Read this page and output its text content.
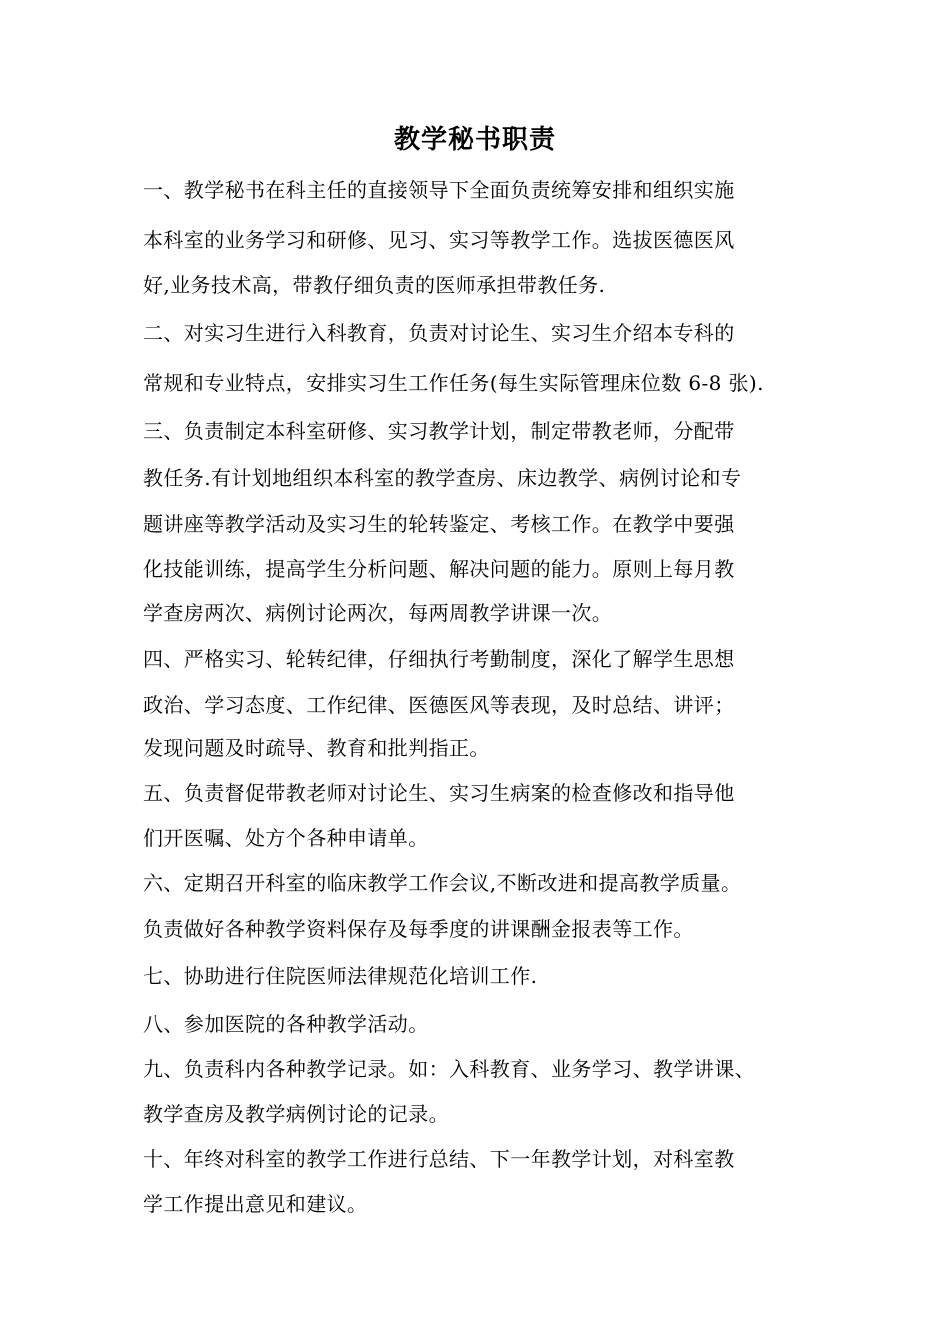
教学秘书职责
一、教学秘书在科主任的直接领导下全面负责统筹安排和组织实施
本科室的业务学习和研修、见习、实习等教学工作。选拔医德医风
好,业务技术高，带教仔细负责的医师承担带教任务.
二、对实习生进行入科教育，负责对讨论生、实习生介绍本专科的
常规和专业特点，安排实习生工作任务(每生实际管理床位数 6-8 张).
三、负责制定本科室研修、实习教学计划，制定带教老师，分配带
教任务.有计划地组织本科室的教学查房、床边教学、病例讨论和专
题讲座等教学活动及实习生的轮转鉴定、考核工作。在教学中要强
化技能训练，提高学生分析问题、解决问题的能力。原则上每月教
学查房两次、病例讨论两次，每两周教学讲课一次。
四、严格实习、轮转纪律，仔细执行考勤制度，深化了解学生思想
政治、学习态度、工作纪律、医德医风等表现，及时总结、讲评；
发现问题及时疏导、教育和批判指正。
五、负责督促带教老师对讨论生、实习生病案的检查修改和指导他
们开医嘱、处方个各种申请单。
六、定期召开科室的临床教学工作会议,不断改进和提高教学质量。
负责做好各种教学资料保存及每季度的讲课酬金报表等工作。
七、协助进行住院医师法律规范化培训工作.
八、参加医院的各种教学活动。
九、负责科内各种教学记录。如：入科教育、业务学习、教学讲课、
教学查房及教学病例讨论的记录。
十、年终对科室的教学工作进行总结、下一年教学计划，对科室教
学工作提出意见和建议。
